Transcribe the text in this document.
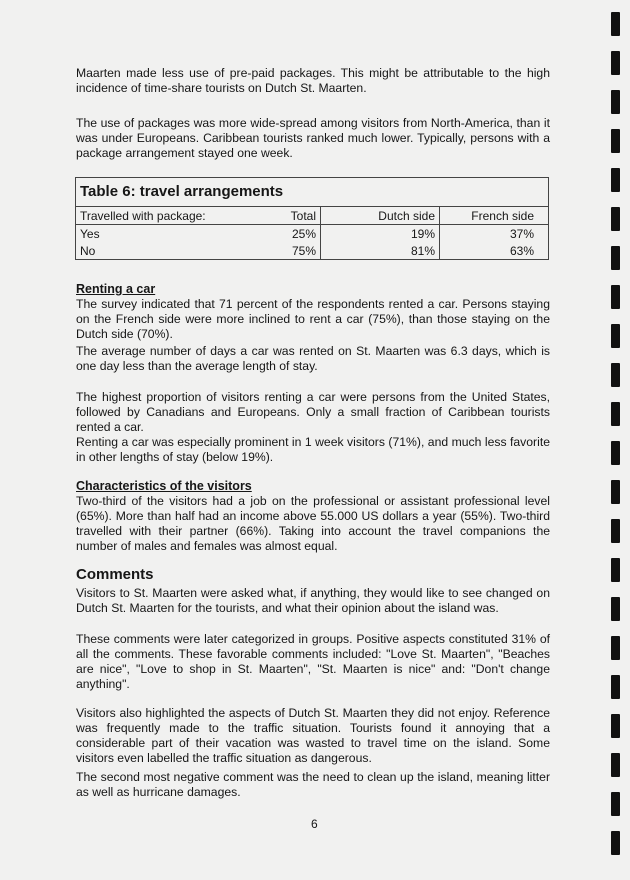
Maarten made less use of pre-paid packages. This might be attributable to the high incidence of time-share tourists on Dutch St. Maarten.
The use of packages was more wide-spread among visitors from North-America, than it was under Europeans. Caribbean tourists ranked much lower. Typically, persons with a package arrangement stayed one week.
Table 6: travel arrangements
Travelled with package:	Total	Dutch side	French side
Yes	25%	19%	37%
No	75%	81%	63%
Renting a car
The survey indicated that 71 percent of the respondents rented a car. Persons staying on the French side were more inclined to rent a car (75%), than those staying on the Dutch side (70%).
The average number of days a car was rented on St. Maarten was 6.3 days, which is one day less than the average length of stay.
The highest proportion of visitors renting a car were persons from the United States, followed by Canadians and Europeans. Only a small fraction of Caribbean tourists rented a car.
Renting a car was especially prominent in 1 week visitors (71%), and much less favorite in other lengths of stay (below 19%).
Characteristics of the visitors
Two-third of the visitors had a job on the professional or assistant professional level (65%). More than half had an income above 55.000 US dollars a year (55%). Two-third travelled with their partner (66%). Taking into account the travel companions the number of males and females was almost equal.
Comments
Visitors to St. Maarten were asked what, if anything, they would like to see changed on Dutch St. Maarten for the tourists, and what their opinion about the island was.
These comments were later categorized in groups. Positive aspects constituted 31% of all the comments. These favorable comments included: "Love St. Maarten", "Beaches are nice", "Love to shop in St. Maarten", "St. Maarten is nice" and: "Don't change anything".
Visitors also highlighted the aspects of Dutch St. Maarten they did not enjoy. Reference was frequently made to the traffic situation. Tourists found it annoying that a considerable part of their vacation was wasted to travel time on the island. Some visitors even labelled the traffic situation as dangerous.
The second most negative comment was the need to clean up the island, meaning litter as well as hurricane damages.
6
